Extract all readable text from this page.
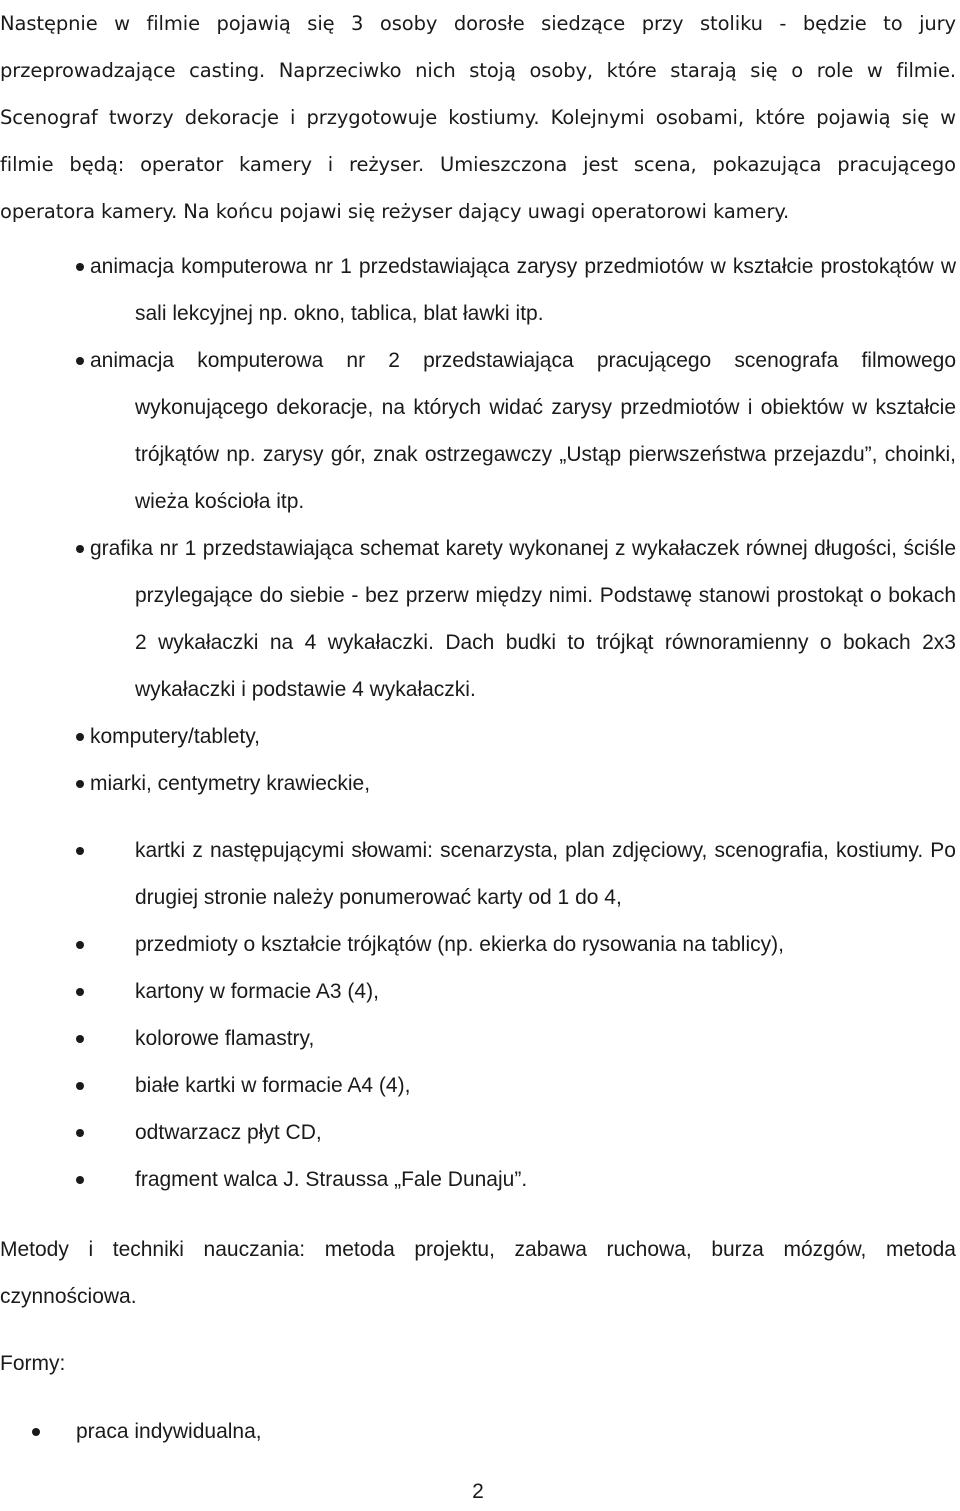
Następnie w filmie pojawią się 3 osoby dorosłe siedzące przy stoliku - będzie to jury przeprowadzające casting. Naprzeciwko nich stoją osoby, które starają się o role w filmie. Scenograf tworzy dekoracje i przygotowuje kostiumy. Kolejnymi osobami, które pojawią się w filmie będą: operator kamery i reżyser. Umieszczona jest scena, pokazująca pracującego operatora kamery. Na końcu pojawi się reżyser dający uwagi operatorowi kamery.

animacja komputerowa nr 1 przedstawiająca zarysy przedmiotów w kształcie prostokątów w sali lekcyjnej np. okno, tablica, blat ławki itp.
animacja komputerowa nr 2 przedstawiająca pracującego scenografa filmowego wykonującego dekoracje, na których widać zarysy przedmiotów i obiektów w kształcie trójkątów np. zarysy gór, znak ostrzegawczy „Ustąp pierwszeństwa przejazdu”, choinki, wieża kościoła itp.
grafika nr 1 przedstawiająca schemat karety wykonanej z wykałaczek równej długości, ściśle przylegające do siebie - bez przerw między nimi. Podstawę stanowi prostokąt o bokach 2 wykałaczki na 4 wykałaczki. Dach budki to trójkąt równoramienny o bokach 2x3 wykałaczki i podstawie 4 wykałaczki.
komputery/tablety,
miarki, centymetry krawieckie,
kartki z następującymi słowami: scenarzysta, plan zdjęciowy, scenografia, kostiumy. Po drugiej stronie należy ponumerować karty od 1 do 4,
przedmioty o kształcie trójkątów (np. ekierka do rysowania na tablicy),
kartony w formacie A3 (4),
kolorowe flamastry,
białe kartki w formacie A4 (4),
odtwarzacz płyt CD,
fragment walca J. Straussa „Fale Dunaju”.

Metody i techniki nauczania: metoda projektu, zabawa ruchowa, burza mózgów, metoda czynnościowa.

Formy:

praca indywidualna,
2
